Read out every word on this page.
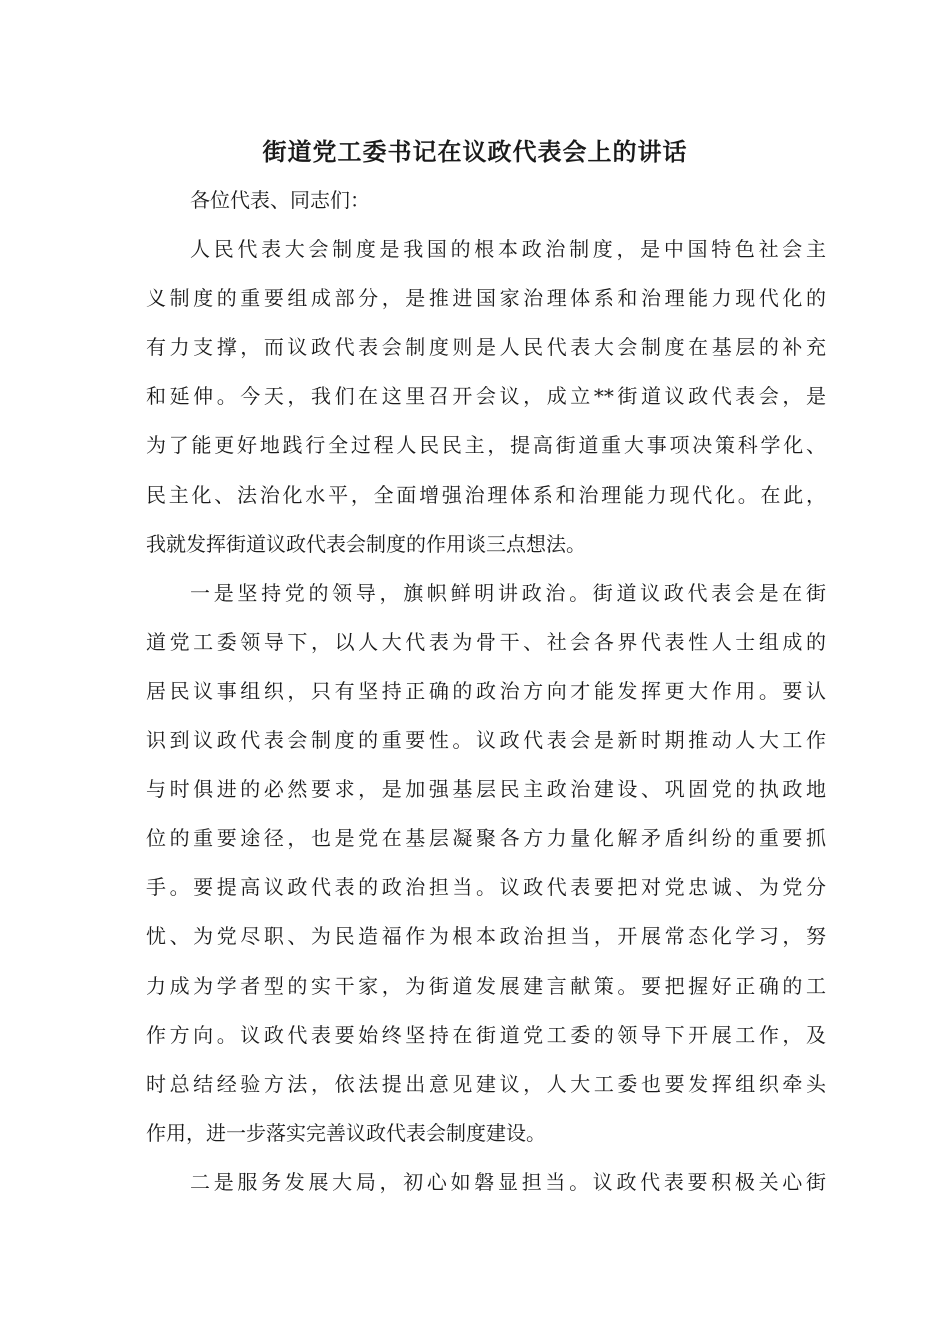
街道党工委书记在议政代表会上的讲话
各位代表、同志们：
人民代表大会制度是我国的根本政治制度，是中国特色社会主
义制度的重要组成部分，是推进国家治理体系和治理能力现代化的
有力支撑，而议政代表会制度则是人民代表大会制度在基层的补充
和延伸。今天，我们在这里召开会议，成立**街道议政代表会，是
为了能更好地践行全过程人民民主，提高街道重大事项决策科学化、
民主化、法治化水平，全面增强治理体系和治理能力现代化。在此，
我就发挥街道议政代表会制度的作用谈三点想法。
一是坚持党的领导，旗帜鲜明讲政治。街道议政代表会是在街
道党工委领导下，以人大代表为骨干、社会各界代表性人士组成的
居民议事组织，只有坚持正确的政治方向才能发挥更大作用。要认
识到议政代表会制度的重要性。议政代表会是新时期推动人大工作
与时俱进的必然要求，是加强基层民主政治建设、巩固党的执政地
位的重要途径，也是党在基层凝聚各方力量化解矛盾纠纷的重要抓
手。要提高议政代表的政治担当。议政代表要把对党忠诚、为党分
忧、为党尽职、为民造福作为根本政治担当，开展常态化学习，努
力成为学者型的实干家，为街道发展建言献策。要把握好正确的工
作方向。议政代表要始终坚持在街道党工委的领导下开展工作，及
时总结经验方法，依法提出意见建议，人大工委也要发挥组织牵头
作用，进一步落实完善议政代表会制度建设。
二是服务发展大局，初心如磐显担当。议政代表要积极关心街
